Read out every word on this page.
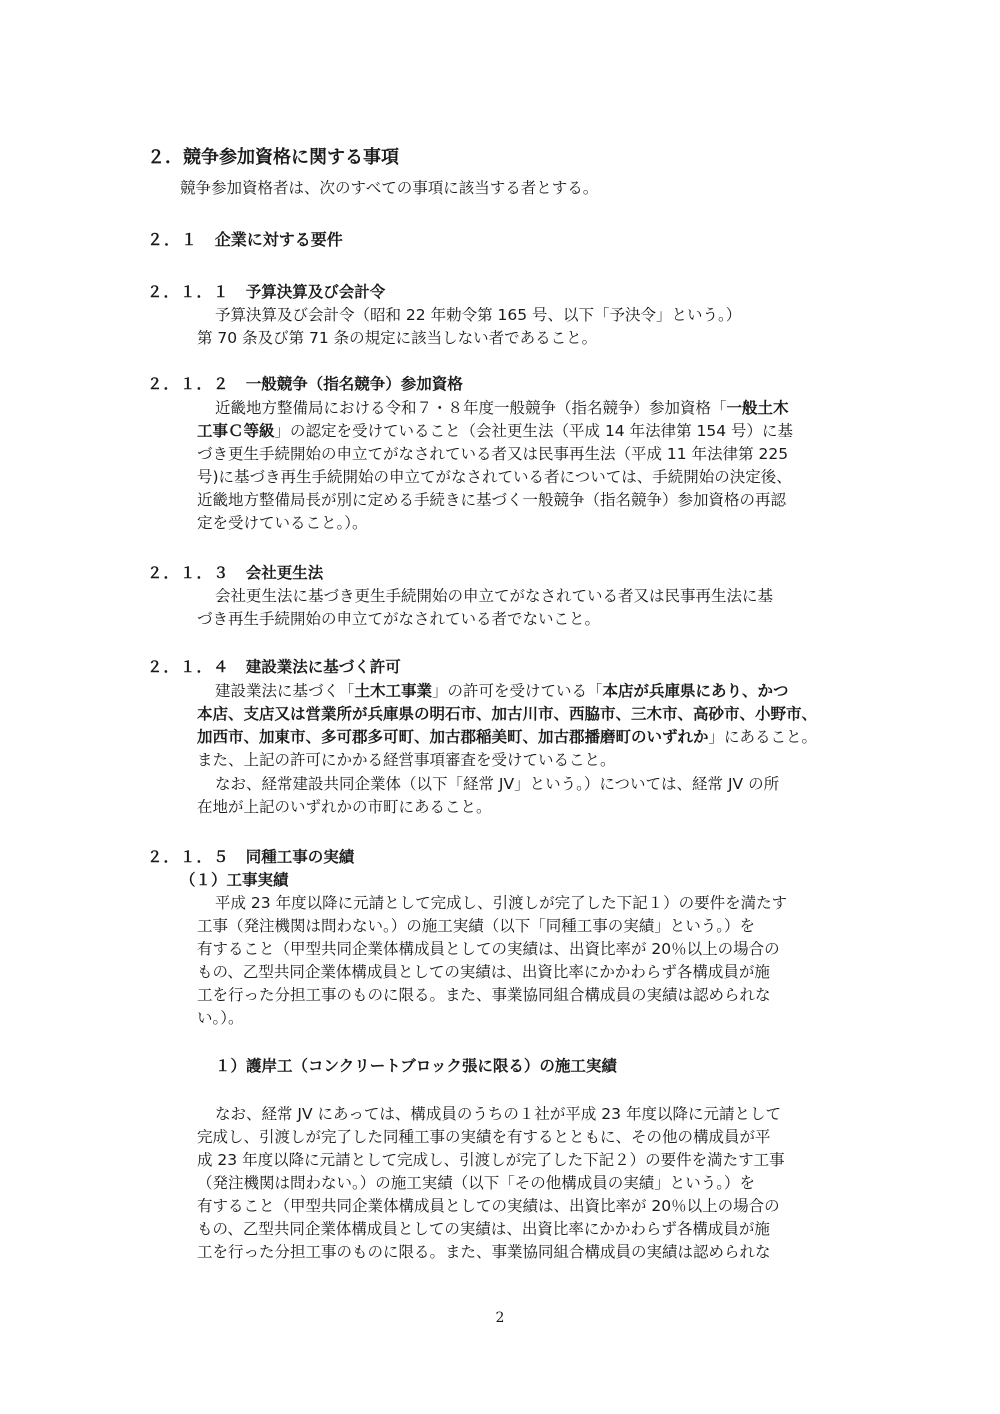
２．競争参加資格に関する事項
競争参加資格者は、次のすべての事項に該当する者とする。
２．１ 企業に対する要件
２．１．１ 予算決算及び会計令
予算決算及び会計令（昭和 22 年勅令第 165 号、以下「予決令」という。）
第 70 条及び第 71 条の規定に該当しない者であること。
２．１．２ 一般競争（指名競争）参加資格
近畿地方整備局における令和７・８年度一般競争（指名競争）参加資格「一般土木
工事Ｃ等級」の認定を受けていること（会社更生法（平成 14 年法律第 154 号）に基
づき更生手続開始の申立てがなされている者又は民事再生法（平成 11 年法律第 225
号)に基づき再生手続開始の申立てがなされている者については、手続開始の決定後、
近畿地方整備局長が別に定める手続きに基づく一般競争（指名競争）参加資格の再認
定を受けていること。）。
２．１．３ 会社更生法
会社更生法に基づき更生手続開始の申立てがなされている者又は民事再生法に基
づき再生手続開始の申立てがなされている者でないこと。
２．１．４ 建設業法に基づく許可
建設業法に基づく「土木工事業」の許可を受けている「本店が兵庫県にあり、かつ
本店、支店又は営業所が兵庫県の明石市、加古川市、西脇市、三木市、高砂市、小野市、
加西市、加東市、多可郡多可町、加古郡稲美町、加古郡播磨町のいずれか」にあること。
また、上記の許可にかかる経営事項審査を受けていること。
なお、経常建設共同企業体（以下「経常 JV」という。）については、経常 JV の所
在地が上記のいずれかの市町にあること。
２．１．５ 同種工事の実績
（１）工事実績
平成 23 年度以降に元請として完成し、引渡しが完了した下記１）の要件を満たす
工事（発注機関は問わない。）の施工実績（以下「同種工事の実績」という。）を
有すること（甲型共同企業体構成員としての実績は、出資比率が 20％以上の場合の
もの、乙型共同企業体構成員としての実績は、出資比率にかかわらず各構成員が施
工を行った分担工事のものに限る。また、事業協同組合構成員の実績は認められな
い。）。
１）護岸工（コンクリートブロック張に限る）の施工実績
なお、経常 JV にあっては、構成員のうちの１社が平成 23 年度以降に元請として
完成し、引渡しが完了した同種工事の実績を有するとともに、その他の構成員が平
成 23 年度以降に元請として完成し、引渡しが完了した下記２）の要件を満たす工事
（発注機関は問わない。）の施工実績（以下「その他構成員の実績」という。）を
有すること（甲型共同企業体構成員としての実績は、出資比率が 20％以上の場合の
もの、乙型共同企業体構成員としての実績は、出資比率にかかわらず各構成員が施
工を行った分担工事のものに限る。また、事業協同組合構成員の実績は認められな
2
